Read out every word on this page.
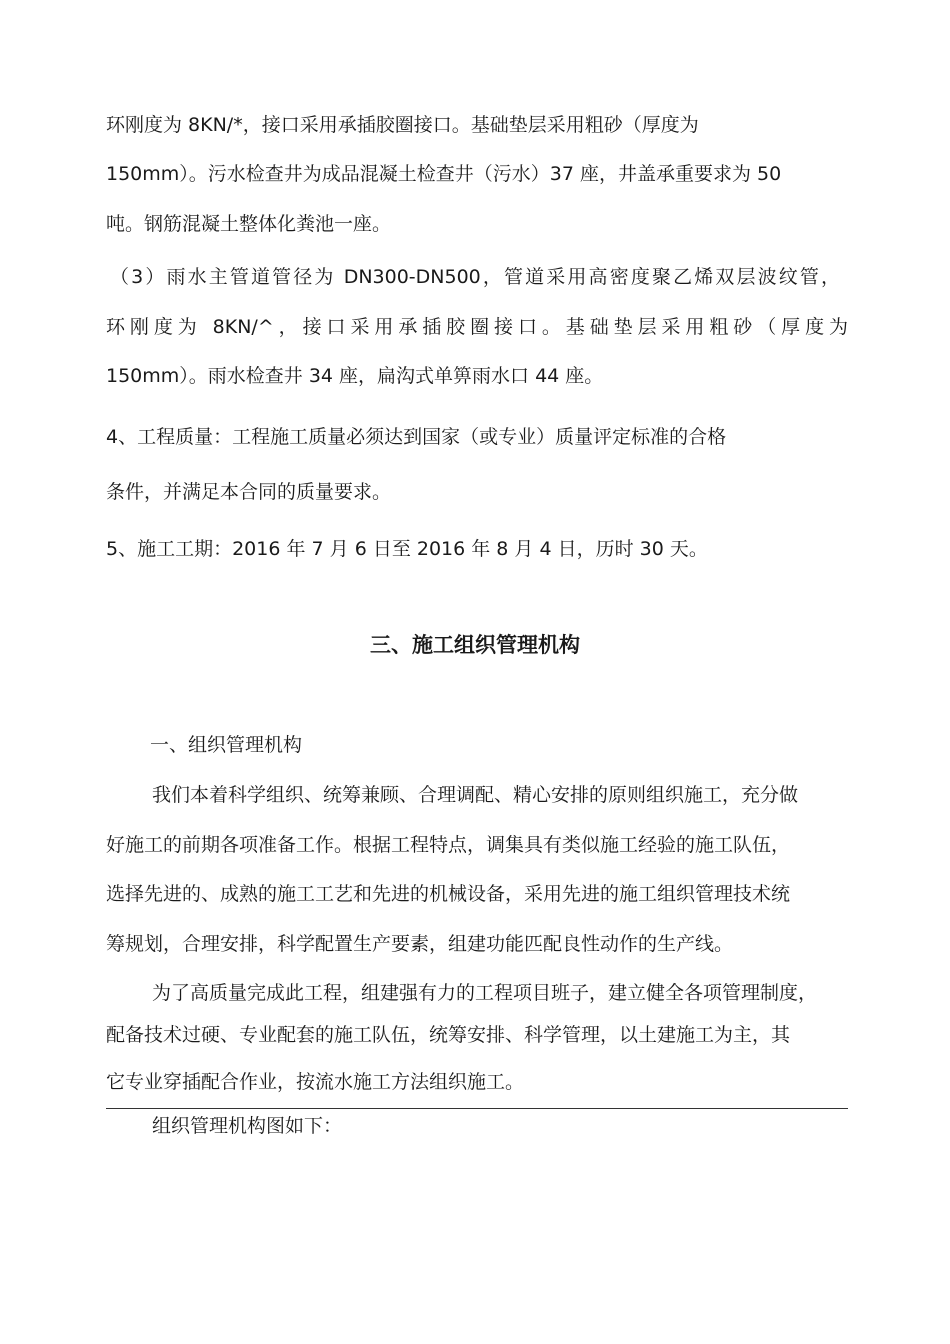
环刚度为 8KN/*，接口采用承插胶圈接口。基础垫层采用粗砂（厚度为

150mm）。污水检查井为成品混凝土检查井（污水）37 座，井盖承重要求为 50

吨。钢筋混凝土整体化粪池一座。

（3）雨水主管道管径为 DN300-DN500，管道采用高密度聚乙烯双层波纹管，

环刚度为 8KN/^，接口采用承插胶圈接口。基础垫层采用粗砂（厚度为

150mm）。雨水检查井 34 座，扁沟式单箅雨水口 44 座。

4、工程质量：工程施工质量必须达到国家（或专业）质量评定标准的合格

条件，并满足本合同的质量要求。

5、施工工期：2016 年 7 月 6 日至 2016 年 8 月 4 日，历时 30 天。

三、施工组织管理机构

一、组织管理机构

我们本着科学组织、统筹兼顾、合理调配、精心安排的原则组织施工，充分做

好施工的前期各项准备工作。根据工程特点，调集具有类似施工经验的施工队伍，

选择先进的、成熟的施工工艺和先进的机械设备，采用先进的施工组织管理技术统

筹规划，合理安排，科学配置生产要素，组建功能匹配良性动作的生产线。

为了高质量完成此工程，组建强有力的工程项目班子，建立健全各项管理制度，

配备技术过硬、专业配套的施工队伍，统筹安排、科学管理，以土建施工为主，其

它专业穿插配合作业，按流水施工方法组织施工。

组织管理机构图如下：
